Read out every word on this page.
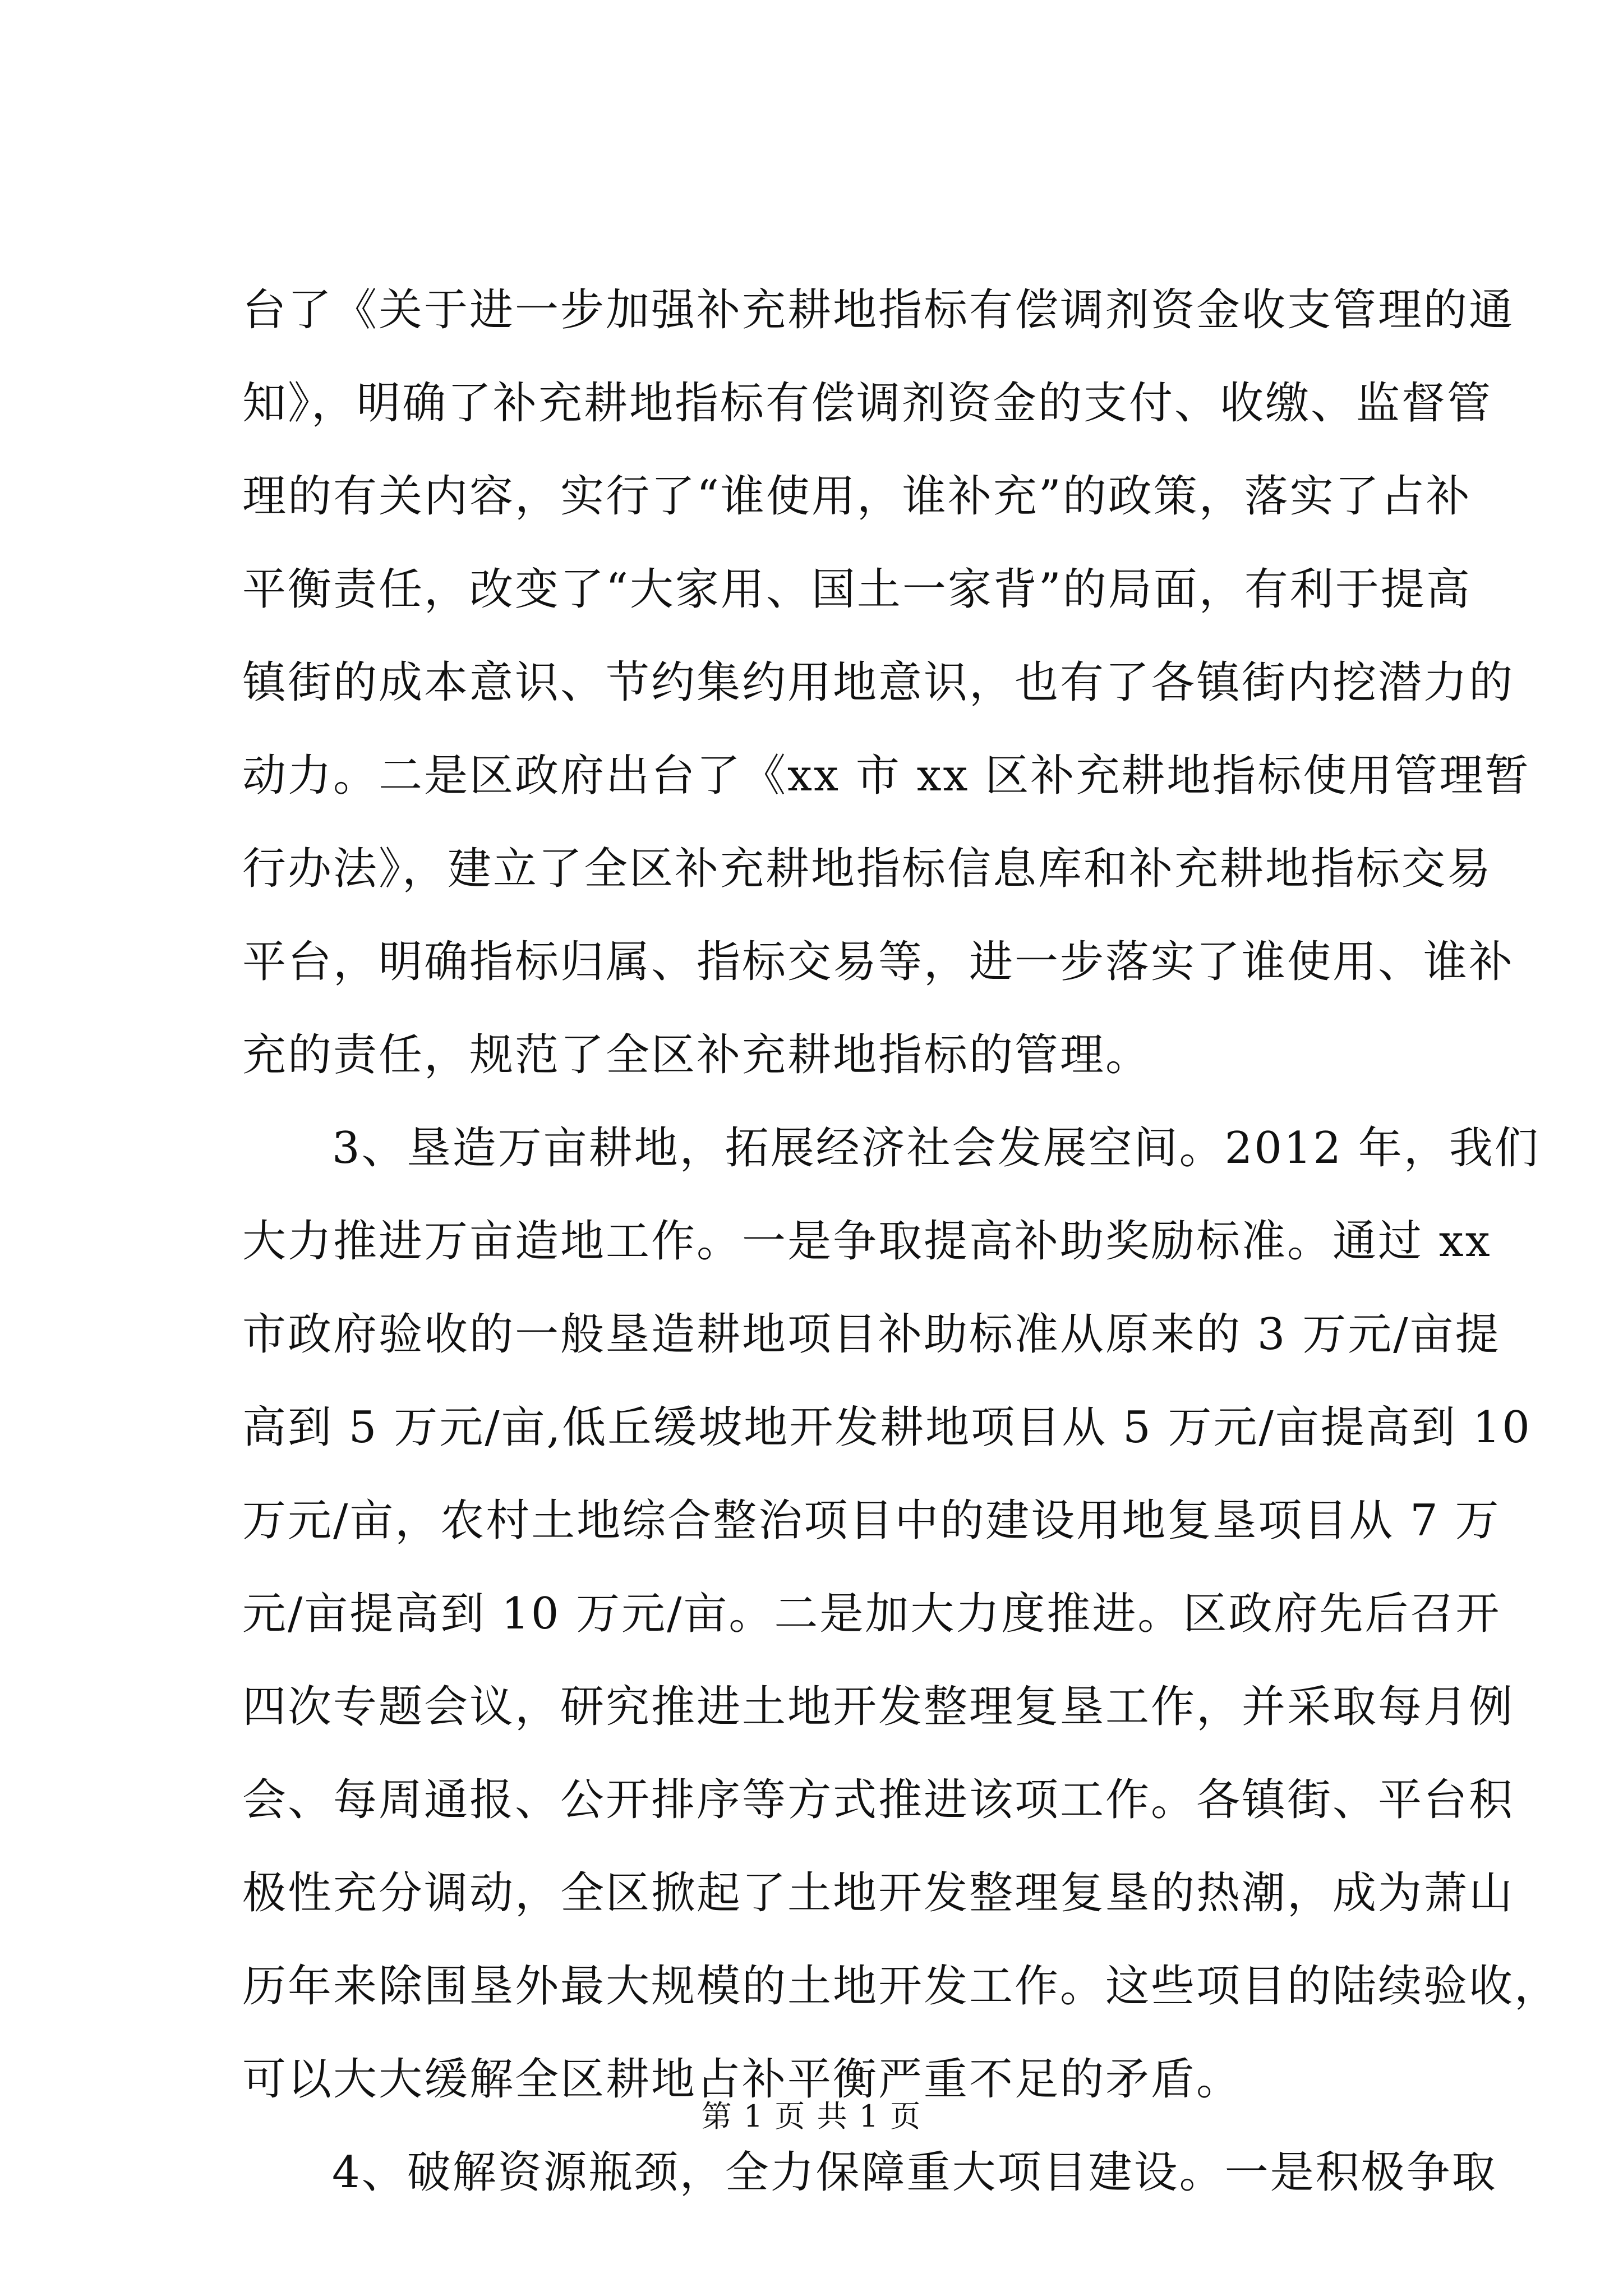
台了《关于进一步加强补充耕地指标有偿调剂资金收支管理的通
知》，明确了补充耕地指标有偿调剂资金的支付、收缴、监督管
理的有关内容，实行了“谁使用，谁补充”的政策，落实了占补
平衡责任，改变了“大家用、国土一家背”的局面，有利于提高
镇街的成本意识、节约集约用地意识，也有了各镇街内挖潜力的
动力。二是区政府出台了《xx 市 xx 区补充耕地指标使用管理暂
行办法》，建立了全区补充耕地指标信息库和补充耕地指标交易
平台，明确指标归属、指标交易等，进一步落实了谁使用、谁补
充的责任，规范了全区补充耕地指标的管理。
3、垦造万亩耕地，拓展经济社会发展空间。2012 年，我们
大力推进万亩造地工作。一是争取提高补助奖励标准。通过 xx
市政府验收的一般垦造耕地项目补助标准从原来的 3 万元/亩提
高到 5 万元/亩,低丘缓坡地开发耕地项目从 5 万元/亩提高到 10
万元/亩，农村土地综合整治项目中的建设用地复垦项目从 7 万
元/亩提高到 10 万元/亩。二是加大力度推进。区政府先后召开
四次专题会议，研究推进土地开发整理复垦工作，并采取每月例
会、每周通报、公开排序等方式推进该项工作。各镇街、平台积
极性充分调动，全区掀起了土地开发整理复垦的热潮，成为萧山
历年来除围垦外最大规模的土地开发工作。这些项目的陆续验收，
可以大大缓解全区耕地占补平衡严重不足的矛盾。
4、破解资源瓶颈，全力保障重大项目建设。一是积极争取
第 1 页 共 1 页
